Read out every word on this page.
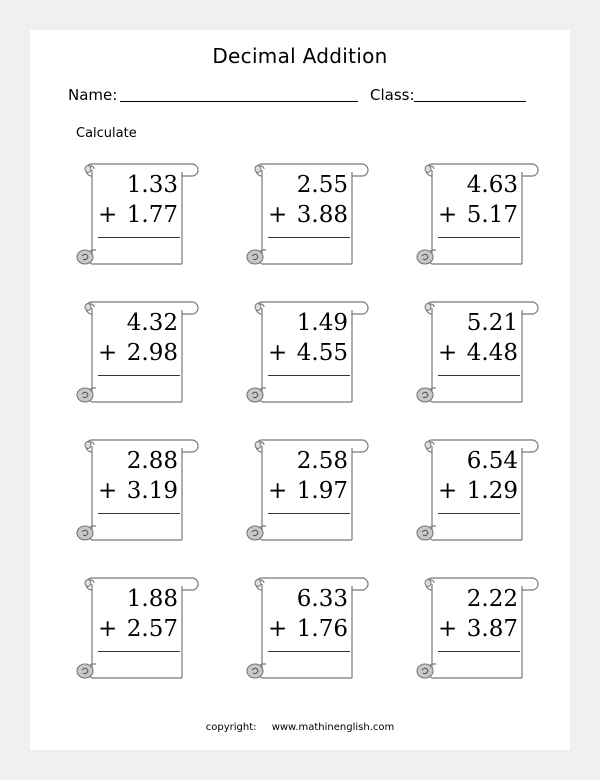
Decimal Addition
Name:	Class:
Calculate
1.33
+ 1.77
2.55
+ 3.88
4.63
+ 5.17
4.32
+ 2.98
1.49
+ 4.55
5.21
+ 4.48
2.88
+ 3.19
2.58
+ 1.97
6.54
+ 1.29
1.88
+ 2.57
6.33
+ 1.76
2.22
+ 3.87
copyright: www.mathinenglish.com
